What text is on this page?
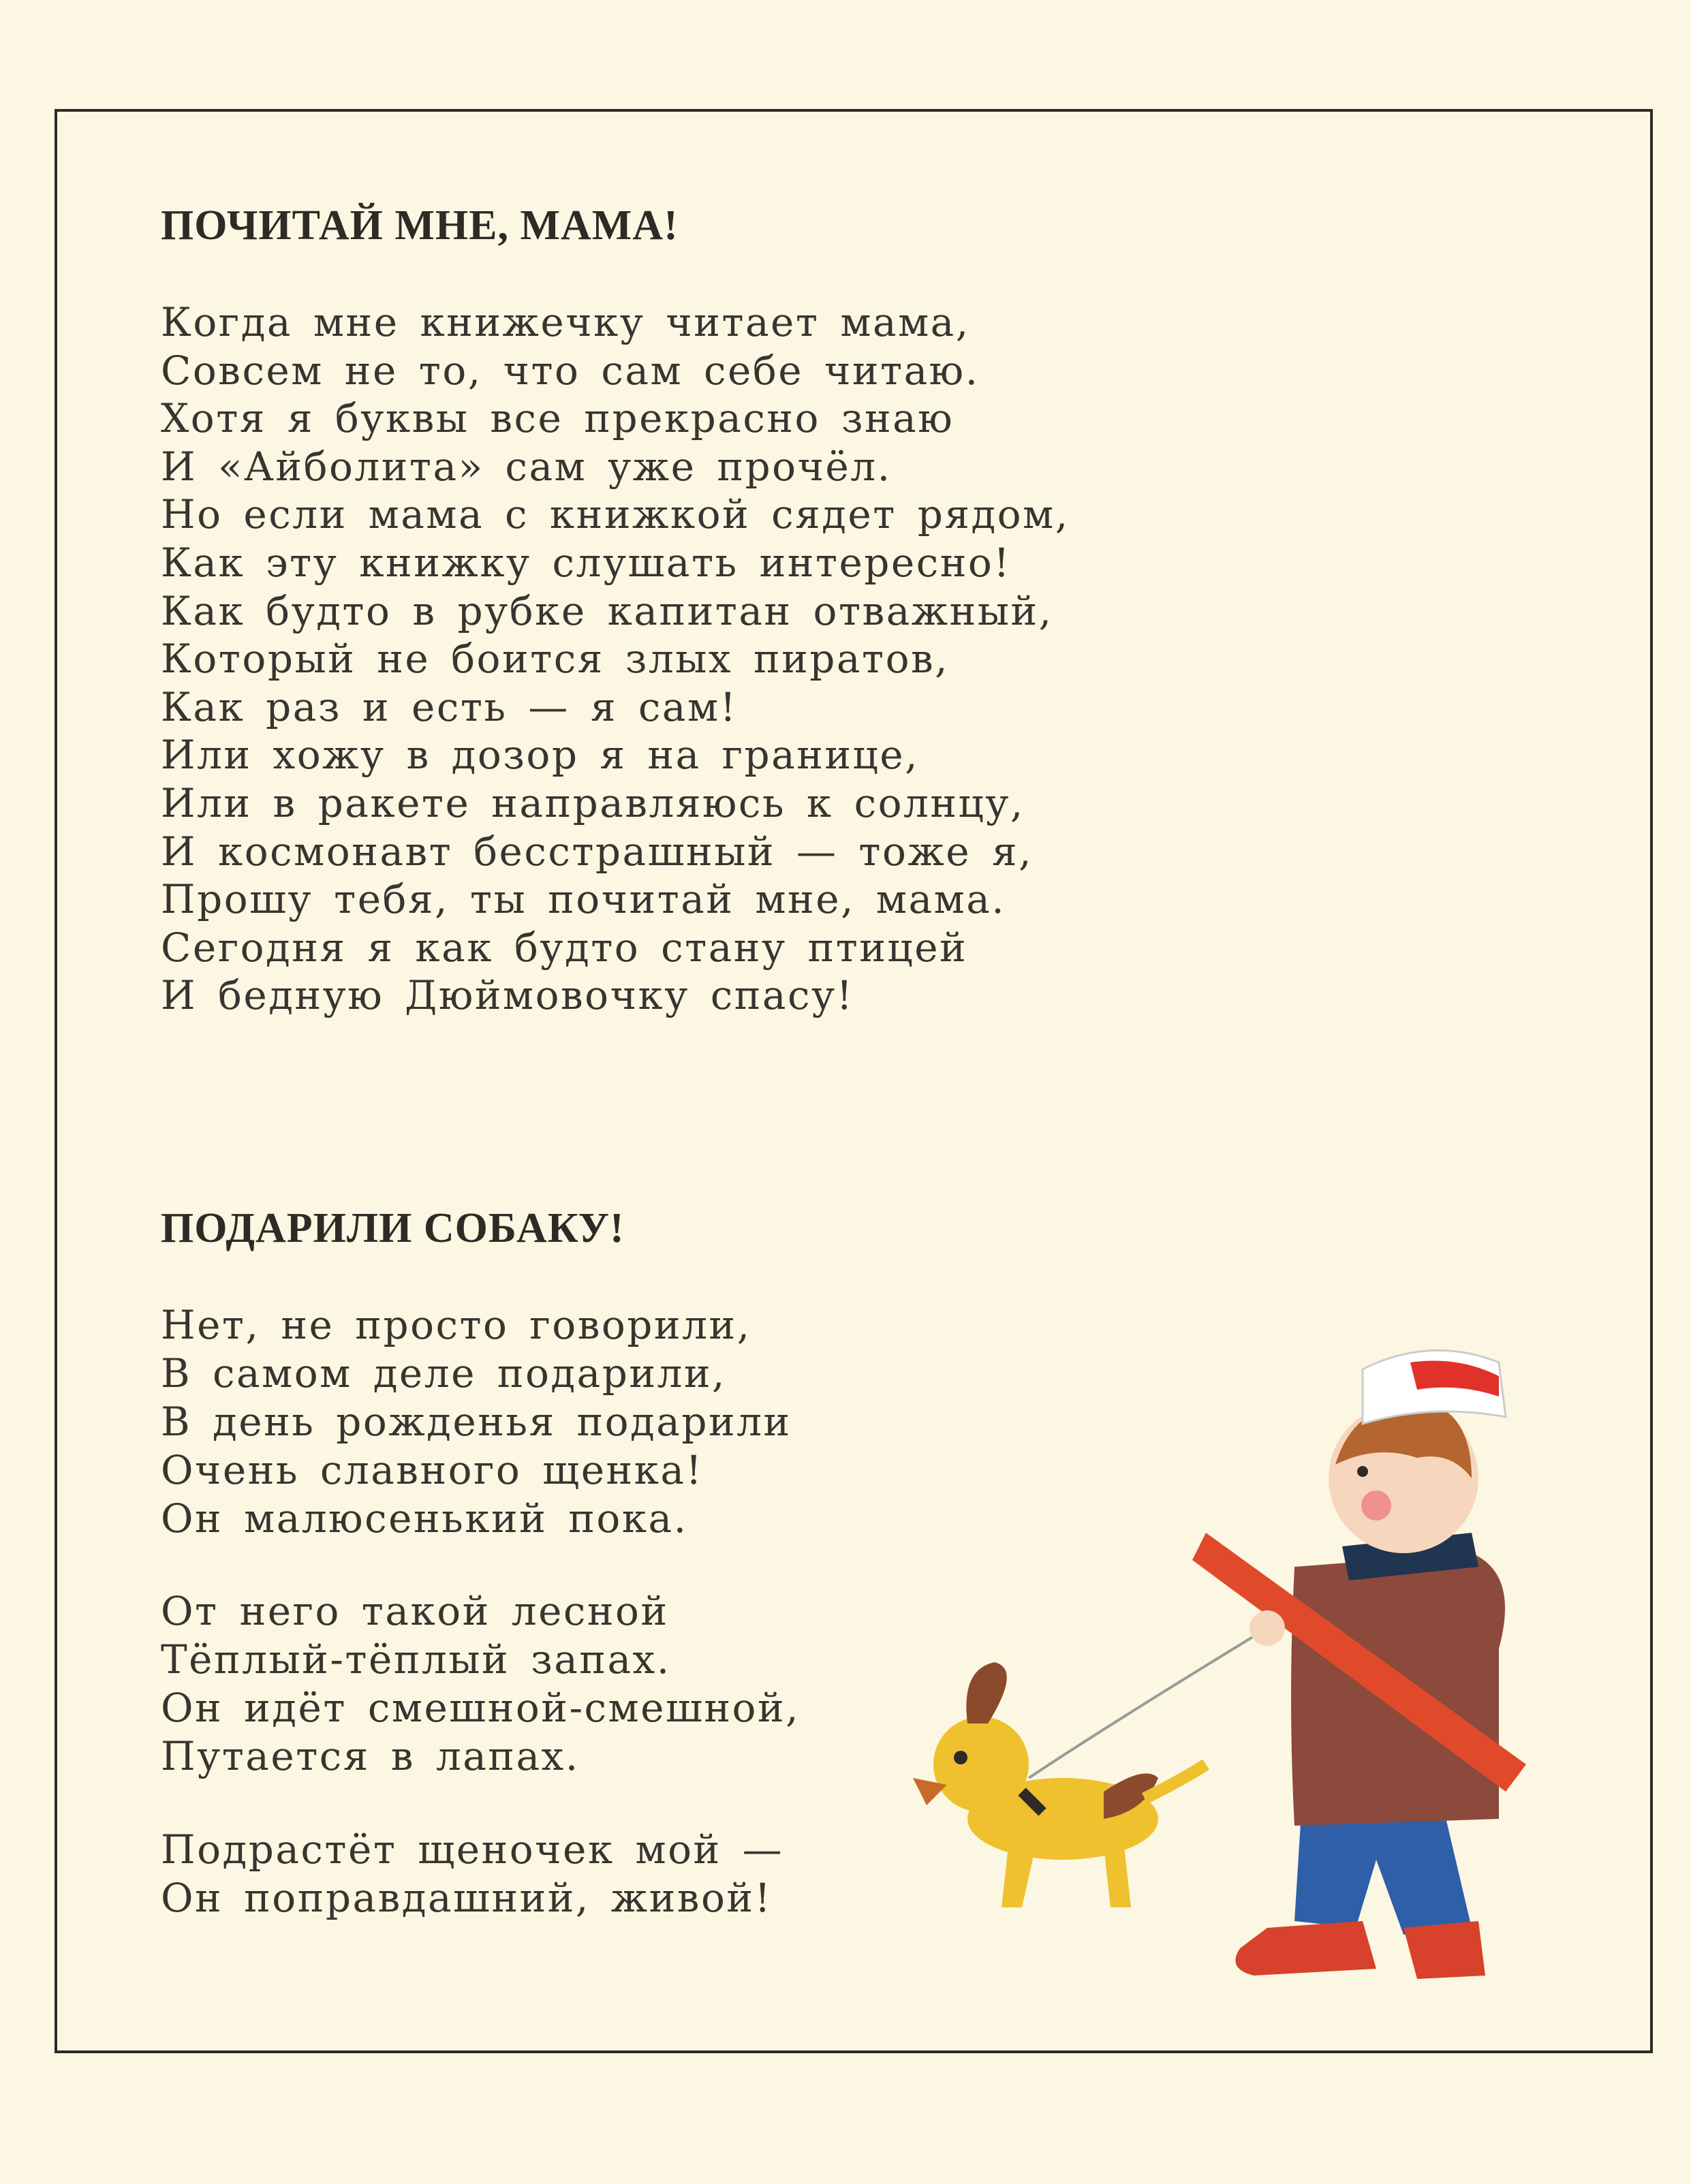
ПОЧИТАЙ МНЕ, МАМА!
Когда мне книжечку читает мама,
Совсем не то, что сам себе читаю.
Хотя я буквы все прекрасно знаю
И «Айболита» сам уже прочёл.
Но если мама с книжкой сядет рядом,
Как эту книжку слушать интересно!
Как будто в рубке капитан отважный,
Который не боится злых пиратов,
Как раз и есть — я сам!
Или хожу в дозор я на границе,
Или в ракете направляюсь к солнцу,
И космонавт бесстрашный — тоже я,
Прошу тебя, ты почитай мне, мама.
Сегодня я как будто стану птицей
И бедную Дюймовочку спасу!
ПОДАРИЛИ СОБАКУ!
Нет, не просто говорили,
В самом деле подарили,
В день рожденья подарили
Очень славного щенка!
Он малюсенький пока.
От него такой лесной
Тёплый-тёплый запах.
Он идёт смешной-смешной,
Путается в лапах.
Подрастёт щеночек мой —
Он поправдашний, живой!
